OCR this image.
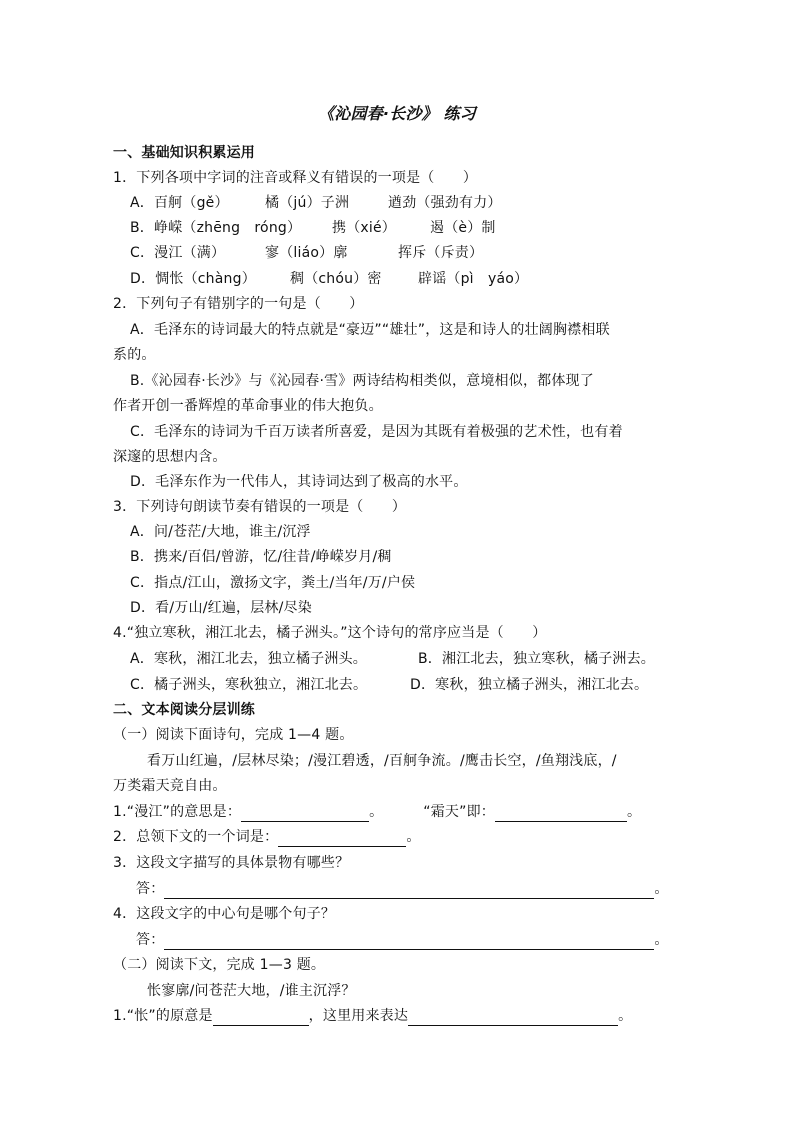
《沁园春·长沙》 练习
一、基础知识积累运用
1．下列各项中字词的注音或释义有错误的一项是（　　）
A．百舸（gě）	橘（jú）子洲	遒劲（强劲有力）
B．峥嵘（zhēng　róng） 携（xié） 遏（è）制
C．漫江（满）	寥（liáo）廓	挥斥（斥责）
D．惆怅（chàng） 稠（chóu）密	辟谣（pì　yáo）
2．下列句子有错别字的一句是（　　）
A．毛泽东的诗词最大的特点就是“豪迈”“雄壮”，这是和诗人的壮阔胸襟相联
系的。
B.《沁园春·长沙》与《沁园春·雪》两诗结构相类似，意境相似，都体现了
作者开创一番辉煌的革命事业的伟大抱负。
C．毛泽东的诗词为千百万读者所喜爱，是因为其既有着极强的艺术性，也有着
深邃的思想内含。
D．毛泽东作为一代伟人，其诗词达到了极高的水平。
3．下列诗句朗读节奏有错误的一项是（　　）
A．问/苍茫/大地，谁主/沉浮
B．携来/百侣/曾游，忆/往昔/峥嵘岁月/稠
C．指点/江山，激扬文字，粪土/当年/万/户侯
D．看/万山/红遍，层林/尽染
4.“独立寒秋，湘江北去，橘子洲头。”这个诗句的常序应当是（　　）
A．寒秋，湘江北去，独立橘子洲头。	B．湘江北去，独立寒秋，橘子洲去。
C．橘子洲头，寒秋独立，湘江北去。	D．寒秋，独立橘子洲头，湘江北去。
二、文本阅读分层训练
（一）阅读下面诗句，完成 1—4 题。
看万山红遍，/层林尽染；/漫江碧透，/百舸争流。/鹰击长空，/鱼翔浅底，/
万类霜天竞自由。
1.“漫江”的意思是：	。	“霜天”即：	。
2．总领下文的一个词是：	。
3．这段文字描写的具体景物有哪些？
答：	。
4．这段文字的中心句是哪个句子？
答：	。
（二）阅读下文，完成 1—3 题。
怅寥廓/问苍茫大地，/谁主沉浮？
1.“怅”的原意是	，这里用来表达	。
